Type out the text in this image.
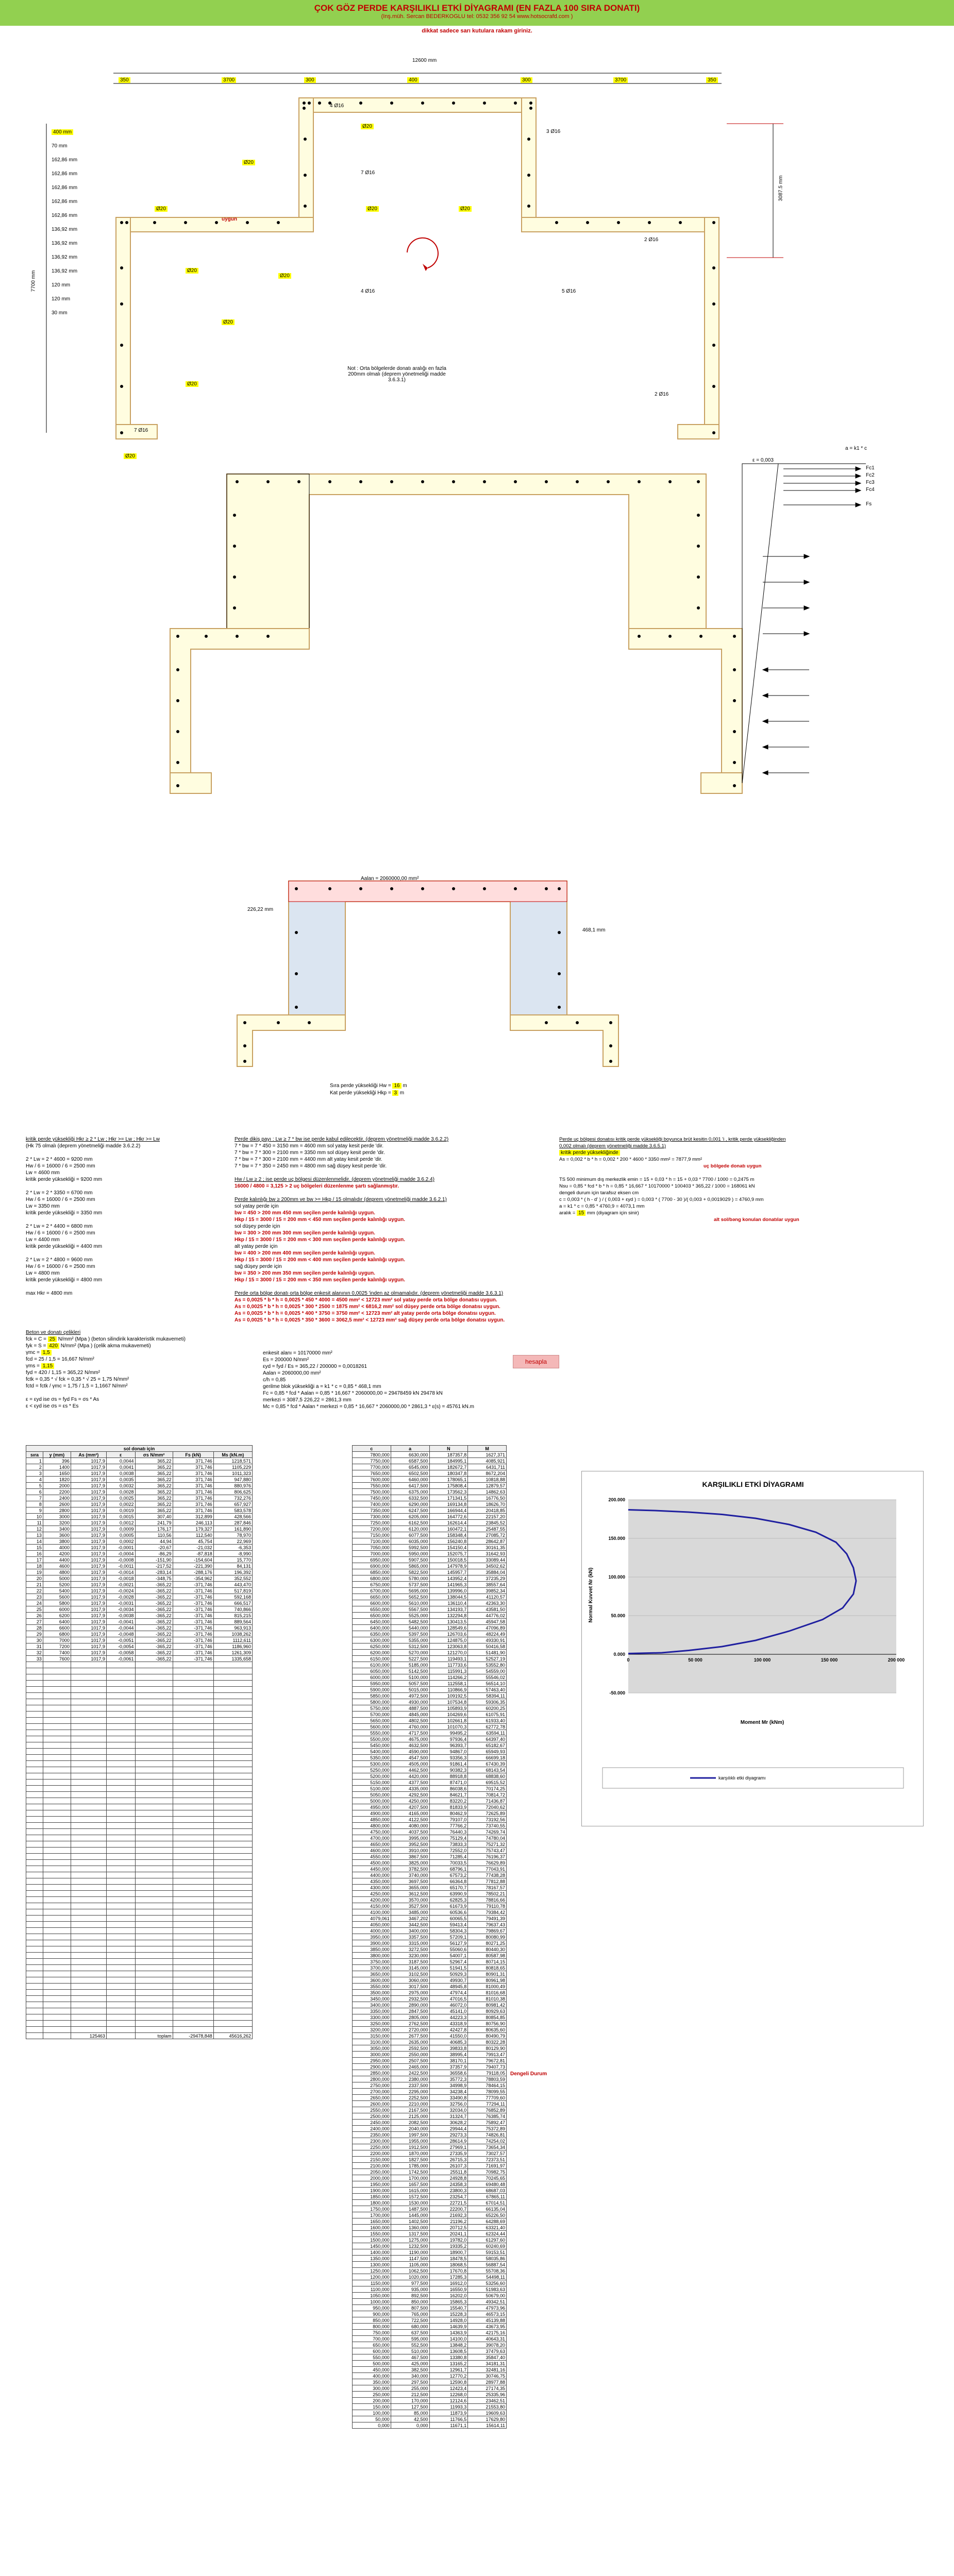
ÇOK GÖZ PERDE KARŞILIKLI ETKİ DİYAGRAMI (EN FAZLA 100 SIRA DONATI)
(Inş.müh. Sercan BEDERKOGLU tel: 0532 356 92 54 www.hotsocrafd.com )
dikkat sadece sarı kutulara rakam giriniz.
12600 mm
350	3700	300	400	300	3700	350
7700 mm
3087.5 mm
400 mm
70 mm
162,86 mm
162,86 mm
162,86 mm
162,86 mm
162,86 mm
136,92 mm
136,92 mm
136,92 mm
136,92 mm
120 mm
120 mm
30 mm
Ø20
Ø20
Ø20	Ø20
Ø20
Ø20
Ø20
Ø20
Ø20
Ø20
4 Ø16
7 Ø16
3 Ø16
2 Ø16
4 Ø16	5 Ø16
7 Ø16
2 Ø16
Not : Orta bölgelerde donatı aralığı en fazla 200mm olmalı (deprem yönetmeliği madde 3.6.3.1)
uygun
ε = 0,003
Fc1
Fc2
Fc3
Fc4
Fs
a = k1 * c
Aalan = 2060000,00 mm²
226,22 mm
468,1 mm
Sıra perde yüksekliği Hw = 16 m
Kat perde yüksekliği Hkp = 3 m
kritik perde yüksekliği Hkr ≥ 2 * Lw ; Hkr >= Lw ; Hkr >= Lw
(Hk 75 olmalı (deprem yönetmeliği madde 3.6.2.2)
2 * Lw = 2 * 4600 = 9200 mm
Hw / 6 = 16000 / 6 = 2500 mm
Lw = 4600 mm
kritik perde yüksekliği = 9200 mm
2 * Lw = 2 * 3350 = 6700 mm
Hw / 6 = 16000 / 6 = 2500 mm
Lw = 3350 mm
kritik perde yüksekliği = 3350 mm
2 * Lw = 2 * 4400 = 6800 mm
Hw / 6 = 16000 / 6 = 2500 mm
Lw = 4400 mm
kritik perde yüksekliği = 4400 mm
2 * Lw = 2 * 4800 = 9600 mm
Hw / 6 = 16000 / 6 = 2500 mm
Lw = 4800 mm
kritik perde yüksekliği = 4800 mm
max Hkr = 4800 mm
Perde dikiş payı : Lw ≥ 7 * bw ise perde kabul edilecektir. (deprem yönetmeliği madde 3.6.2.2)
7 * bw = 7 * 450 = 3150 mm = 4600 mm sol yatay kesit perde 'dir.
7 * bw = 7 * 300 = 2100 mm = 3350 mm sol düşey kesit perde 'dir.
7 * bw = 7 * 300 = 2100 mm = 4400 mm alt yatay kesit perde 'dir.
7 * bw = 7 * 350 = 2450 mm = 4800 mm sağ düşey kesit perde 'dir.
Hw / Lw ≥ 2 ; ise perde uç bölgesi düzenlenmelidir. (deprem yönetmeliği madde 3.6.2.4)
16000 / 4800 = 3,125 > 2 uç bölgeleri düzenlenme şartı sağlanmıştır.
Perde kalınlığı bw ≥ 200mm ve bw >= Hkp / 15 olmalıdır (deprem yönetmeliği madde 3.6.2.1)
sol yatay perde için
bw = 450 > 200 mm 450 mm seçilen perde kalınlığı uygun.
Hkp / 15 = 3000 / 15 = 200 mm < 450 mm seçilen perde kalınlığı uygun.
sol düşey perde için
bw = 300 > 200 mm 300 mm seçilen perde kalınlığı uygun.
Hkp / 15 = 3000 / 15 = 200 mm < 300 mm seçilen perde kalınlığı uygun.
alt yatay perde için
bw = 400 > 200 mm 400 mm seçilen perde kalınlığı uygun.
Hkp / 15 = 3000 / 15 = 200 mm < 400 mm seçilen perde kalınlığı uygun.
sağ düşey perde için
bw = 350 > 200 mm 350 mm seçilen perde kalınlığı uygun.
Hkp / 15 = 3000 / 15 = 200 mm < 350 mm seçilen perde kalınlığı uygun.
Perde orta bölge donatı orta bölge enkesit alanının 0,0025 'inden az olmamalıdır. (deprem yönetmeliği madde 3.6.3.1)
As = 0,0025 * b * h = 0,0025 * 450 * 4000 = 4500 mm² < 12723 mm² sol yatay perde orta bölge donatısı uygun.
As = 0,0025 * b * h = 0,0025 * 300 * 2500 = 1875 mm² < 6816,2 mm² sol düşey perde orta bölge donatısı uygun.
As = 0,0025 * b * h = 0,0025 * 400 * 3750 = 3750 mm² < 12723 mm² alt yatay perde orta bölge donatısı uygun.
As = 0,0025 * b * h = 0,0025 * 350 * 3600 = 3062,5 mm² < 12723 mm² sağ düşey perde orta bölge donatısı uygun.
Perde uç bölgesi donatısı kritik perde yüksekliği boyunca brüt kesitin 0,001 'i , kritik perde yüksekliğinden
0,002 olmalı (deprem yönetmeliği madde 3.6.5.1)
kritik perde yüksekliğinde
As = 0,002 * b * h = 0,002 * 200 * 4600 * 3350 mm² = 7877,9 mm²
uç bölgede donatı uygun
TS 500 minimum dış merkezlik emin = 15 + 0,03 * h = 15 + 0,03 * 7700 / 1000 = 0,2475 m
Nsu = 0,85 * fcd * b * h = 0,85 * 16,667 * 10170000 * 100403 * 365,22 / 1000 = 168061 kN
dengeli durum için tarafsız eksen cm
c = 0,003 * ( h - d' ) / ( 0,003 + εyd ) = 0,003 * ( 7700 - 30 )/( 0,003 + 0,0019029 ) = 4760,9 mm
a = k1 * c = 0,85 * 4760,9 = 4073,1 mm
aralık = 15 mm (diyagram için sinir)
alt sol/bəng konulan donatılar uygun
Beton ve donatı çelikleri
fck = C = 25 N/mm² (Mpa ) (beton silindirik karakteristik mukavemeti)
fyk = S = 420 N/mm² (Mpa ) (çelik akma mukavemeti)
γmc = 1,5
fcd = 25 / 1,5 = 16,667 N/mm²
γms = 1,15
fyd = 420 / 1,15 = 365,22 N/mm²
fctk = 0,35 * √ fck = 0,35 * √ 25 = 1,75 N/mm²
fctd = fctk / γmc = 1,75 / 1,5 = 1,1667 N/mm²
ε = εyd ise σs = fyd Fs = σs * As
ε < εyd ise σs = εs * Es
enkesit alanı = 10170000 mm²
Es = 200000 N/mm²
εyd = fyd / Es = 365,22 / 200000 = 0,0018261
Aalan = 2060000,00 mm²
c/h = 0,85
gerilme blok yüksekliği a = k1 * c = 0,85 * 468,1 mm
Fc = 0,85 * fcd * Aalan = 0,85 * 16,667 * 2060000,00 = 29478459 kN 29478 kN
merkezi = 3087,5 226,22 = 2861,3 mm
Mc = 0,85 * fcd * Aalan * merkezi = 0,85 * 16,667 * 2060000,00 * 2861,3 * ε(s) = 45761 kN.m
hesapla
sol donatı için						
sıra	y (mm)	As (mm²)	ε	σs N/mm²	Fs (kN)	Ms (kN.m)
1	396	1017,9	0,0044	365,22	371,746	1218,571
2	1400	1017,9	0,0041	365,22	371,746	1105,229
3	1650	1017,9	0,0038	365,22	371,746	1011,323
4	1820	1017,9	0,0035	365,22	371,746	947,880
5	2000	1017,9	0,0032	365,22	371,746	880,976
6	2200	1017,9	0,0028	365,22	371,746	806,625
7	2400	1017,9	0,0025	365,22	371,746	732,276
8	2600	1017,9	0,0022	365,22	371,746	657,927
9	2800	1017,9	0,0019	365,22	371,746	583,578
10	3000	1017,9	0,0015	307,40	312,899	428,566
11	3200	1017,9	0,0012	241,79	246,113	287,846
12	3400	1017,9	0,0009	176,17	179,327	161,890
13	3600	1017,9	0,0005	110,56	112,540	78,970
14	3800	1017,9	0,0002	44,94	45,754	22,969
15	4000	1017,9	-0,0001	-20,67	-21,032	-6,353
16	4200	1017,9	-0,0004	-86,29	-87,818	-8,990
17	4400	1017,9	-0,0008	-151,90	-154,604	15,770
18	4600	1017,9	-0,0011	-217,52	-221,390	84,131
19	4800	1017,9	-0,0014	-283,14	-288,176	196,392
20	5000	1017,9	-0,0018	-348,75	-354,962	352,552
21	5200	1017,9	-0,0021	-365,22	-371,746	443,470
22	5400	1017,9	-0,0024	-365,22	-371,746	517,819
23	5600	1017,9	-0,0028	-365,22	-371,746	592,168
24	5800	1017,9	-0,0031	-365,22	-371,746	666,517
25	6000	1017,9	-0,0034	-365,22	-371,746	740,866
26	6200	1017,9	-0,0038	-365,22	-371,746	815,215
27	6400	1017,9	-0,0041	-365,22	-371,746	889,564
28	6600	1017,9	-0,0044	-365,22	-371,746	963,913
29	6800	1017,9	-0,0048	-365,22	-371,746	1038,262
30	7000	1017,9	-0,0051	-365,22	-371,746	1112,611
31	7200	1017,9	-0,0054	-365,22	-371,746	1186,960
32	7400	1017,9	-0,0058	-365,22	-371,746	1261,309
33	7600	1017,9	-0,0061	-365,22	-371,746	1335,658

		125463		toplam	-29478,848	45616,262
c	a	N	M
7800,000	6630,000	187357,8	1627,371
7750,000	6587,500	184995,1	4085,921
7700,000	6545,000	182672,7	6431,711
7650,000	6502,500	180347,8	8672,204
7600,000	6460,000	178065,1	10818,88
7550,000	6417,500	175808,4	12879,57
7500,000	6375,000	173562,3	14862,63
7450,000	6332,500	171341,5	16776,50
7400,000	6290,000	169134,8	18626,70
7350,000	6247,500	166944,4	20418,85
7300,000	6205,000	164772,6	22157,20
7250,000	6162,500	162614,4	23845,52
7200,000	6120,000	160472,1	25487,55
7150,000	6077,500	158348,4	27085,72
7100,000	6035,000	156240,8	28642,87
7050,000	5992,500	154150,4	30161,35
7000,000	5950,000	152075,7	31642,93
6950,000	5907,500	150018,5	33089,44
6900,000	5865,000	147978,9	34502,62
6850,000	5822,500	145957,7	35884,04
6800,000	5780,000	143952,4	37235,29
6750,000	5737,500	141965,3	38557,64
6700,000	5695,000	139996,0	39852,34
6650,000	5652,500	138044,5	41120,57
6600,000	5610,000	136110,4	42363,30
6550,000	5567,500	134193,7	43581,50
6500,000	5525,000	132294,8	44776,02
6450,000	5482,500	130413,5	45947,58
6400,000	5440,000	128549,6	47096,89
6350,000	5397,500	126703,6	48224,49
6300,000	5355,000	124875,0	49330,91
6250,000	5312,500	123063,8	50416,58
6200,000	5270,000	121270,0	51481,90
6150,000	5227,500	119493,1	52527,19
6100,000	5185,000	117733,6	53552,80
6050,000	5142,500	115991,3	54559,00
6000,000	5100,000	114266,2	55546,02
5950,000	5057,500	112558,1	56514,10
5900,000	5015,000	110866,9	57463,40
5850,000	4972,500	109192,5	58394,11
5800,000	4930,000	107534,8	59306,35
5750,000	4887,500	105893,9	60200,25
5700,000	4845,000	104269,6	61075,91
5650,000	4802,500	102661,8	61933,40
5600,000	4760,000	101070,3	62772,78
5550,000	4717,500	99495,2	63594,11
5500,000	4675,000	97936,4	64397,40
5450,000	4632,500	96393,7	65182,67
5400,000	4590,000	94867,0	65949,93
5350,000	4547,500	93356,3	66699,18
5300,000	4505,000	91861,4	67430,39
5250,000	4462,500	90382,3	68143,54
5200,000	4420,000	88918,8	68838,60
5150,000	4377,500	87471,0	69515,52
5100,000	4335,000	86038,6	70174,25
5050,000	4292,500	84621,7	70814,72
5000,000	4250,000	83220,2	71436,87
4950,000	4207,500	81833,9	72040,62
4900,000	4165,000	80462,9	72625,89
4850,000	4122,500	79107,0	73192,56
4800,000	4080,000	77766,2	73740,55
4750,000	4037,500	76440,3	74269,74
4700,000	3995,000	75129,4	74780,04
4650,000	3952,500	73833,3	75271,32
4600,000	3910,000	72552,0	75743,47
4550,000	3867,500	71285,4	76196,37
4500,000	3825,000	70033,5	76629,89
4450,000	3782,500	68796,1	77043,91
4400,000	3740,000	67573,2	77438,28
4350,000	3697,500	66364,8	77812,88
4300,000	3655,000	65170,7	78167,57
4250,000	3612,500	63990,9	78502,21
4200,000	3570,000	62825,3	78816,66
4150,000	3527,500	61673,9	79110,78
4100,000	3485,000	60536,6	79384,42
4079,061	3467,202	60065,5	79491,39
4050,000	3442,500	59413,4	79637,43
4000,000	3400,000	58304,3	79869,67
3950,000	3357,500	57209,1	80080,99
3900,000	3315,000	56127,9	80271,25
3850,000	3272,500	55060,6	80440,30
3800,000	3230,000	54007,1	80587,98
3750,000	3187,500	52967,4	80714,15
3700,000	3145,000	51941,5	80818,65
3650,000	3102,500	50929,3	80901,31
3600,000	3060,000	49930,7	80961,98
3550,000	3017,500	48945,8	81000,49
3500,000	2975,000	47974,4	81016,68
3450,000	2932,500	47016,5	81010,38
3400,000	2890,000	46072,0	80981,42
3350,000	2847,500	45141,0	80929,63
3300,000	2805,000	44223,3	80854,85
3250,000	2762,500	43318,9	80756,90
3200,000	2720,000	42427,8	80635,60
3150,000	2677,500	41550,0	80490,79
3100,000	2635,000	40685,3	80322,28
3050,000	2592,500	39833,8	80129,90
3000,000	2550,000	38995,4	79913,47
2950,000	2507,500	38170,1	79672,81
2900,000	2465,000	37357,9	79407,73
2850,000	2422,500	36558,6	79118,05
2800,000	2380,000	35772,3	78803,59
2750,000	2337,500	34998,9	78464,15
2700,000	2295,000	34238,4	78099,55
2650,000	2252,500	33490,8	77709,60
2600,000	2210,000	32756,0	77294,11
2550,000	2167,500	32034,0	76852,89
2500,000	2125,000	31324,7	76385,74
2450,000	2082,500	30628,2	75892,47
2400,000	2040,000	29944,4	75372,89
2350,000	1997,500	29273,3	74826,81
2300,000	1955,000	28614,9	74254,02
2250,000	1912,500	27969,1	73654,34
2200,000	1870,000	27335,9	73027,57
2150,000	1827,500	26715,3	72373,51
2100,000	1785,000	26107,3	71691,97
2050,000	1742,500	25511,8	70982,75
2000,000	1700,000	24928,8	70245,65
1950,000	1657,500	24358,3	69480,48
1900,000	1615,000	23800,3	68687,03
1850,000	1572,500	23254,7	67865,11
1800,000	1530,000	22721,5	67014,51
1750,000	1487,500	22200,7	66135,04
1700,000	1445,000	21692,3	65226,50
1650,000	1402,500	21196,2	64288,69
1600,000	1360,000	20712,5	63321,40
1550,000	1317,500	20241,1	62324,44
1500,000	1275,000	19782,0	61297,60
1450,000	1232,500	19335,2	60240,69
1400,000	1190,000	18900,7	59153,51
1350,000	1147,500	18478,5	58035,86
1300,000	1105,000	18068,5	56887,54
1250,000	1062,500	17670,8	55708,36
1200,000	1020,000	17285,3	54498,11
1150,000	977,500	16912,0	53256,60
1100,000	935,000	16550,9	51983,63
1050,000	892,500	16202,0	50679,00
1000,000	850,000	15865,3	49342,51
950,000	807,500	15540,7	47973,96
900,000	765,000	15228,3	46573,15
850,000	722,500	14928,0	45139,88
800,000	680,000	14639,9	43673,95
750,000	637,500	14363,9	42175,16
700,000	595,000	14100,0	40643,31
650,000	552,500	13848,2	39078,20
600,000	510,000	13608,5	37479,63
550,000	467,500	13380,8	35847,40
500,000	425,000	13165,2	34181,31
450,000	382,500	12961,7	32481,16
400,000	340,000	12770,2	30746,75
350,000	297,500	12590,8	28977,88
300,000	255,000	12423,4	27174,35
250,000	212,500	12268,0	25335,96
200,000	170,000	12124,6	23462,51
150,000	127,500	11993,3	21553,80
100,000	85,000	11873,9	19609,63
50,000	42,500	11766,5	17629,80
0,000	0,000	11671,1	15614,11
Dengeli Durum
KARŞILIKLI ETKİ DİYAGRAMI
Moment Mr (kNm)
Normal Kuvvet Nr (kN)
-50.000
0.000
50.000
100.000
150.000
200.000
0	50 000	100 000	150 000	200 000
karşılıklı etki diyagramı
